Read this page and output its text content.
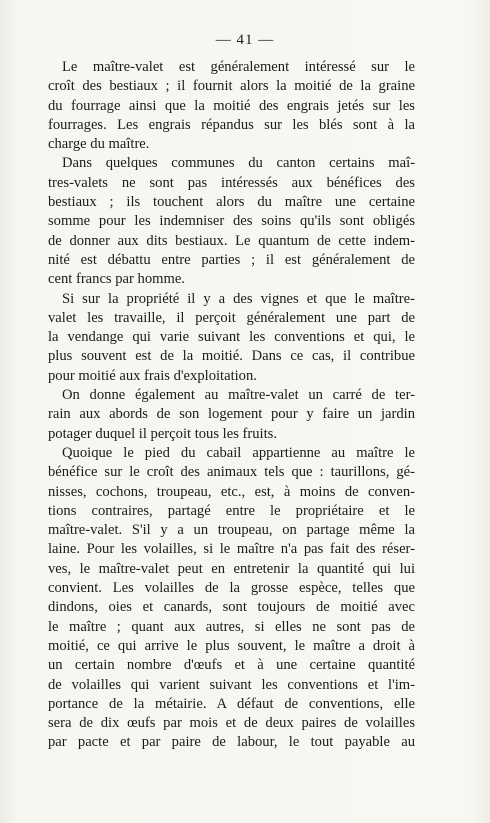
— 41 —
Le maître-valet est généralement intéressé sur le
croît des bestiaux ; il fournit alors la moitié de la graine
du fourrage ainsi que la moitié des engrais jetés sur les
fourrages. Les engrais répandus sur les blés sont à la
charge du maître.
Dans quelques communes du canton certains maî-
tres-valets ne sont pas intéressés aux bénéfices des
bestiaux ; ils touchent alors du maître une certaine
somme pour les indemniser des soins qu'ils sont obligés
de donner aux dits bestiaux. Le quantum de cette indem-
nité est débattu entre parties ; il est généralement de
cent francs par homme.
Si sur la propriété il y a des vignes et que le maître-
valet les travaille, il perçoit généralement une part de
la vendange qui varie suivant les conventions et qui, le
plus souvent est de la moitié. Dans ce cas, il contribue
pour moitié aux frais d'exploitation.
On donne également au maître-valet un carré de ter-
rain aux abords de son logement pour y faire un jardin
potager duquel il perçoit tous les fruits.
Quoique le pied du cabail appartienne au maître le
bénéfice sur le croît des animaux tels que : taurillons, gé-
nisses, cochons, troupeau, etc., est, à moins de conven-
tions contraires, partagé entre le propriétaire et le
maître-valet. S'il y a un troupeau, on partage même la
laine. Pour les volailles, si le maître n'a pas fait des réser-
ves, le maître-valet peut en entretenir la quantité qui lui
convient. Les volailles de la grosse espèce, telles que
dindons, oies et canards, sont toujours de moitié avec
le maître ; quant aux autres, si elles ne sont pas de
moitié, ce qui arrive le plus souvent, le maître a droit à
un certain nombre d'œufs et à une certaine quantité
de volailles qui varient suivant les conventions et l'im-
portance de la métairie. A défaut de conventions, elle
sera de dix œufs par mois et de deux paires de volailles
par pacte et par paire de labour, le tout payable au
